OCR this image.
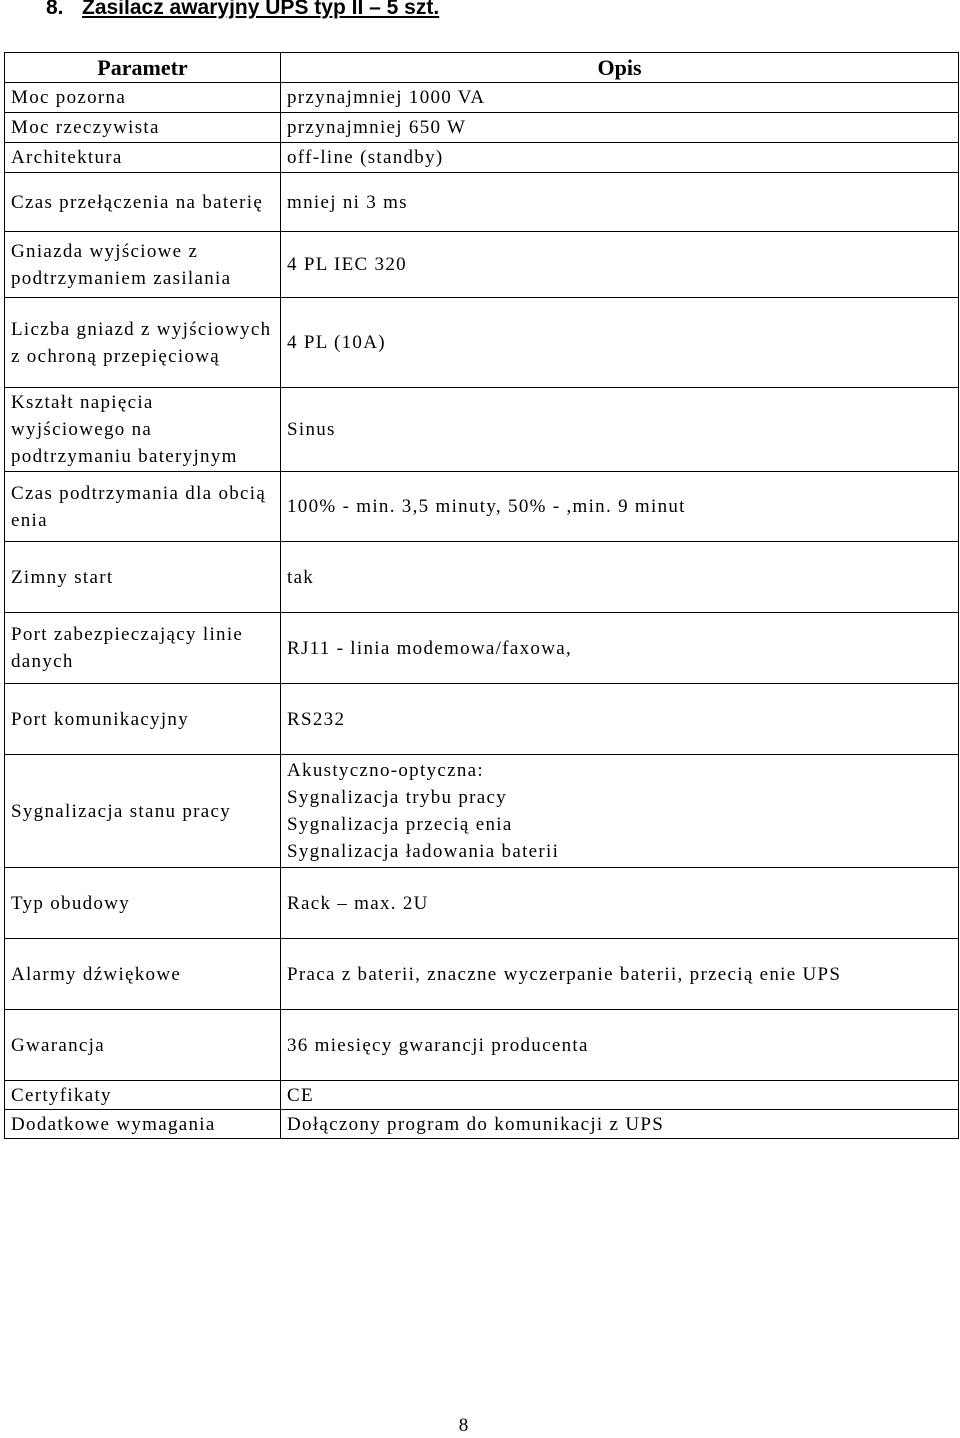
8. Zasilacz awaryjny UPS typ II – 5 szt.
Parametr	Opis
Moc pozorna	przynajmniej 1000 VA
Moc rzeczywista	przynajmniej 650 W
Architektura	off-line (standby)
Czas przełączenia na baterię	mniej ni 3 ms
Gniazda wyjściowe z podtrzymaniem zasilania	4 PL IEC 320
Liczba gniazd z wyjściowych z ochroną przepięciową	4 PL (10A)
Kształt napięcia wyjściowego na podtrzymaniu bateryjnym	Sinus
Czas podtrzymania dla obcią enia	100% - min. 3,5 minuty, 50% - ,min. 9 minut
Zimny start	tak
Port zabezpieczający linie danych	RJ11 - linia modemowa/faxowa,
Port komunikacyjny	RS232
Sygnalizacja stanu pracy	Akustyczno-optyczna:
Sygnalizacja trybu pracy
Sygnalizacja przecią enia
Sygnalizacja ładowania baterii

Typ obudowy	Rack – max. 2U
Alarmy dźwiękowe	Praca z baterii, znaczne wyczerpanie baterii, przecią enie UPS
Gwarancja	36 miesięcy gwarancji producenta
Certyfikaty	CE
Dodatkowe wymagania	Dołączony program do komunikacji z UPS
8
